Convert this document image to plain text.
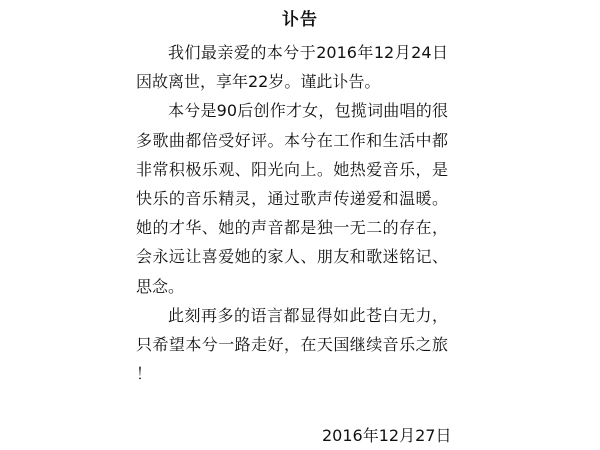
讣告

我们最亲爱的本兮于2016年12月24日因故离世，享年22岁。谨此讣告。

本兮是90后创作才女，包揽词曲唱的很多歌曲都倍受好评。本兮在工作和生活中都非常积极乐观、阳光向上。她热爱音乐，是快乐的音乐精灵，通过歌声传递爱和温暖。她的才华、她的声音都是独一无二的存在，会永远让喜爱她的家人、朋友和歌迷铭记、思念。

此刻再多的语言都显得如此苍白无力，只希望本兮一路走好，在天国继续音乐之旅！

2016年12月27日
